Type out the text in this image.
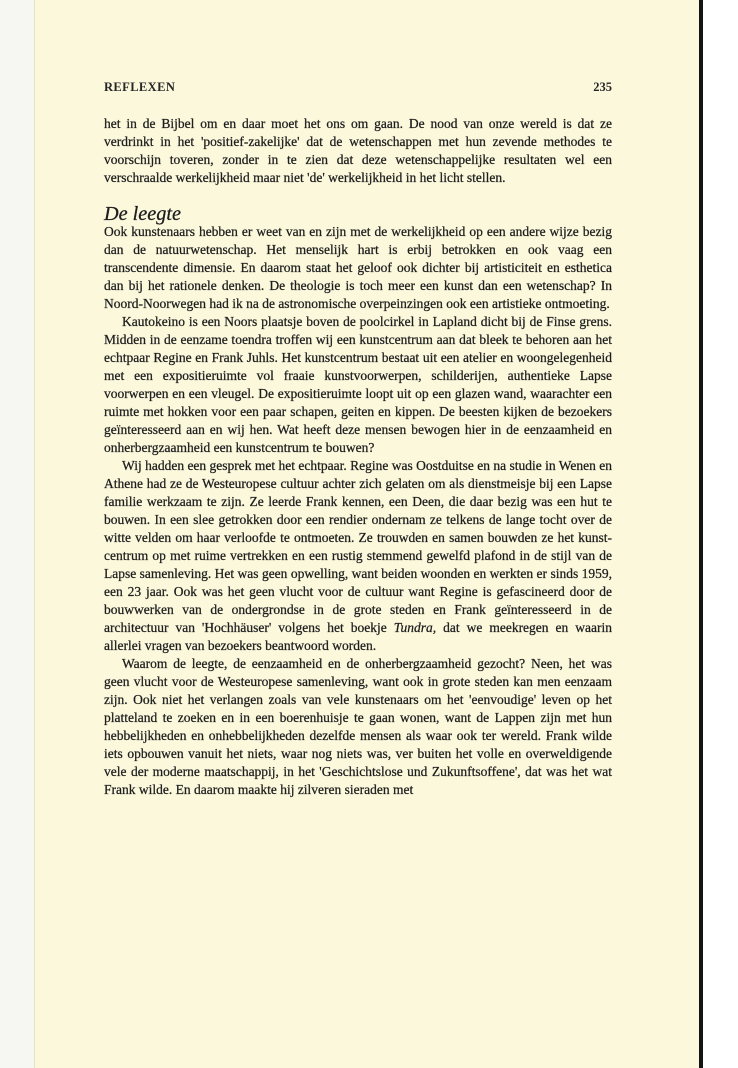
REFLEXEN	235

het in de Bijbel om en daar moet het ons om gaan. De nood van onze wereld is dat ze verdrinkt in het 'positief-zakelijke' dat de wetenschappen met hun zevende methodes te voorschijn toveren, zonder in te zien dat deze wetenschappelijke resultaten wel een verschraalde werkelijkheid maar niet 'de' werkelijkheid in het licht stellen.

De leegte

Ook kunstenaars hebben er weet van en zijn met de werkelijkheid op een andere wijze bezig dan de natuurwetenschap. Het menselijk hart is erbij betrokken en ook vaag een transcendente dimensie. En daarom staat het geloof ook dichter bij artisticiteit en esthetica dan bij het rationele denken. De theologie is toch meer een kunst dan een wetenschap? In Noord-Noorwegen had ik na de astronomische overpeinzingen ook een artistieke ontmoeting.

Kautokeino is een Noors plaatsje boven de poolcirkel in Lapland dicht bij de Finse grens. Midden in de eenzame toendra troffen wij een kunstcentrum aan dat bleek te behoren aan het echtpaar Regine en Frank Juhls. Het kunstcentrum bestaat uit een atelier en woongelegenheid met een expositieruimte vol fraaie kunstvoorwerpen, schilderijen, authentieke Lapse voorwerpen en een vleugel. De expositieruimte loopt uit op een glazen wand, waarachter een ruimte met hokken voor een paar schapen, geiten en kippen. De beesten kijken de bezoekers geïnteresseerd aan en wij hen. Wat heeft deze mensen bewogen hier in de eenzaamheid en onherbergzaamheid een kunstcentrum te bouwen?

Wij hadden een gesprek met het echtpaar. Regine was Oostduitse en na studie in Wenen en Athene had ze de Westeuropese cultuur achter zich gelaten om als dienstmeisje bij een Lapse familie werkzaam te zijn. Ze leerde Frank kennen, een Deen, die daar bezig was een hut te bouwen. In een slee getrokken door een rendier ondernam ze telkens de lange tocht over de witte velden om haar verloofde te ontmoeten. Ze trouwden en samen bouwden ze het kunstcentrum op met ruime vertrekken en een rustig stemmend gewelfd plafond in de stijl van de Lapse samenleving. Het was geen opwelling, want beiden woonden en werkten er sinds 1959, een 23 jaar. Ook was het geen vlucht voor de cultuur want Regine is gefascineerd door de bouwwerken van de ondergrondse in de grote steden en Frank geïnteresseerd in de architectuur van 'Hochhäuser' volgens het boekje Tundra, dat we meekregen en waarin allerlei vragen van bezoekers beantwoord worden.

Waarom de leegte, de eenzaamheid en de onherbergzaamheid gezocht? Neen, het was geen vlucht voor de Westeuropese samenleving, want ook in grote steden kan men eenzaam zijn. Ook niet het verlangen zoals van vele kunstenaars om het 'eenvoudige' leven op het platteland te zoeken en in een boerenhuisje te gaan wonen, want de Lappen zijn met hun hebbelijkheden en onhebbelijkheden dezelfde mensen als waar ook ter wereld. Frank wilde iets opbouwen vanuit het niets, waar nog niets was, ver buiten het volle en overweldigende vele der moderne maatschappij, in het 'Geschichtslose und Zukunftsoffene', dat was het wat Frank wilde. En daarom maakte hij zilveren sieraden met
